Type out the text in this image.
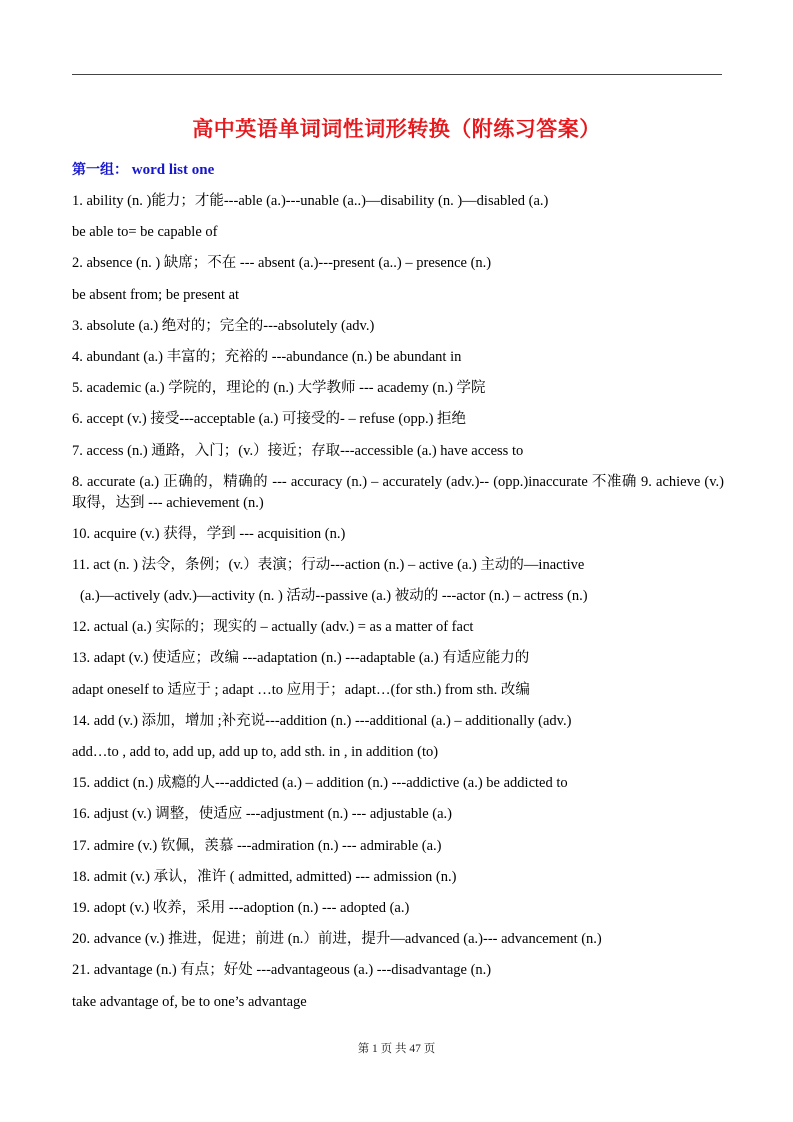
高中英语单词词性词形转换（附练习答案）
第一组： word list one
1. ability (n. )能力；才能---able (a.)---unable (a..)—disability (n. )—disabled (a.)
be able to= be capable of
2. absence (n. ) 缺席；不在 --- absent (a.)---present (a..) – presence (n.)
be absent from; be present at
3. absolute (a.) 绝对的；完全的---absolutely (adv.)
4. abundant (a.) 丰富的；充裕的 ---abundance (n.) be abundant in
5. academic (a.) 学院的，理论的 (n.) 大学教师 --- academy (n.) 学院
6. accept (v.) 接受---acceptable (a.) 可接受的- – refuse (opp.) 拒绝
7. access (n.) 通路，入门；(v.）接近；存取---accessible (a.) have access to
8. accurate (a.) 正确的，精确的 --- accuracy (n.) – accurately (adv.)-- (opp.)inaccurate 不准确 9. achieve (v.) 取得，达到 --- achievement (n.)
10. acquire (v.) 获得，学到 --- acquisition (n.)
11. act (n. ) 法令，条例；(v.）表演；行动---action (n.) – active (a.) 主动的—inactive
(a.)—actively (adv.)—activity (n. ) 活动--passive (a.) 被动的 ---actor (n.) – actress (n.)
12. actual (a.) 实际的；现实的 – actually (adv.) = as a matter of fact
13. adapt (v.) 使适应；改编 ---adaptation (n.) ---adaptable (a.) 有适应能力的
adapt oneself to 适应于 ; adapt …to 应用于；adapt…(for sth.) from sth. 改编
14. add (v.) 添加，增加 ;补充说---addition (n.) ---additional (a.) – additionally (adv.)
add…to , add to, add up, add up to, add sth. in , in addition (to)
15. addict (n.) 成瘾的人---addicted (a.) – addition (n.) ---addictive (a.) be addicted to
16. adjust (v.) 调整，使适应 ---adjustment (n.) --- adjustable (a.)
17. admire (v.) 钦佩，羡慕 ---admiration (n.) --- admirable (a.)
18. admit (v.) 承认，准许 ( admitted, admitted) --- admission (n.)
19. adopt (v.) 收养，采用 ---adoption (n.) --- adopted (a.)
20. advance (v.) 推进，促进；前进 (n.）前进，提升—advanced (a.)--- advancement (n.)
21. advantage (n.) 有点；好处 ---advantageous (a.) ---disadvantage (n.)
take advantage of, be to one’s advantage
第 1 页 共 47 页
